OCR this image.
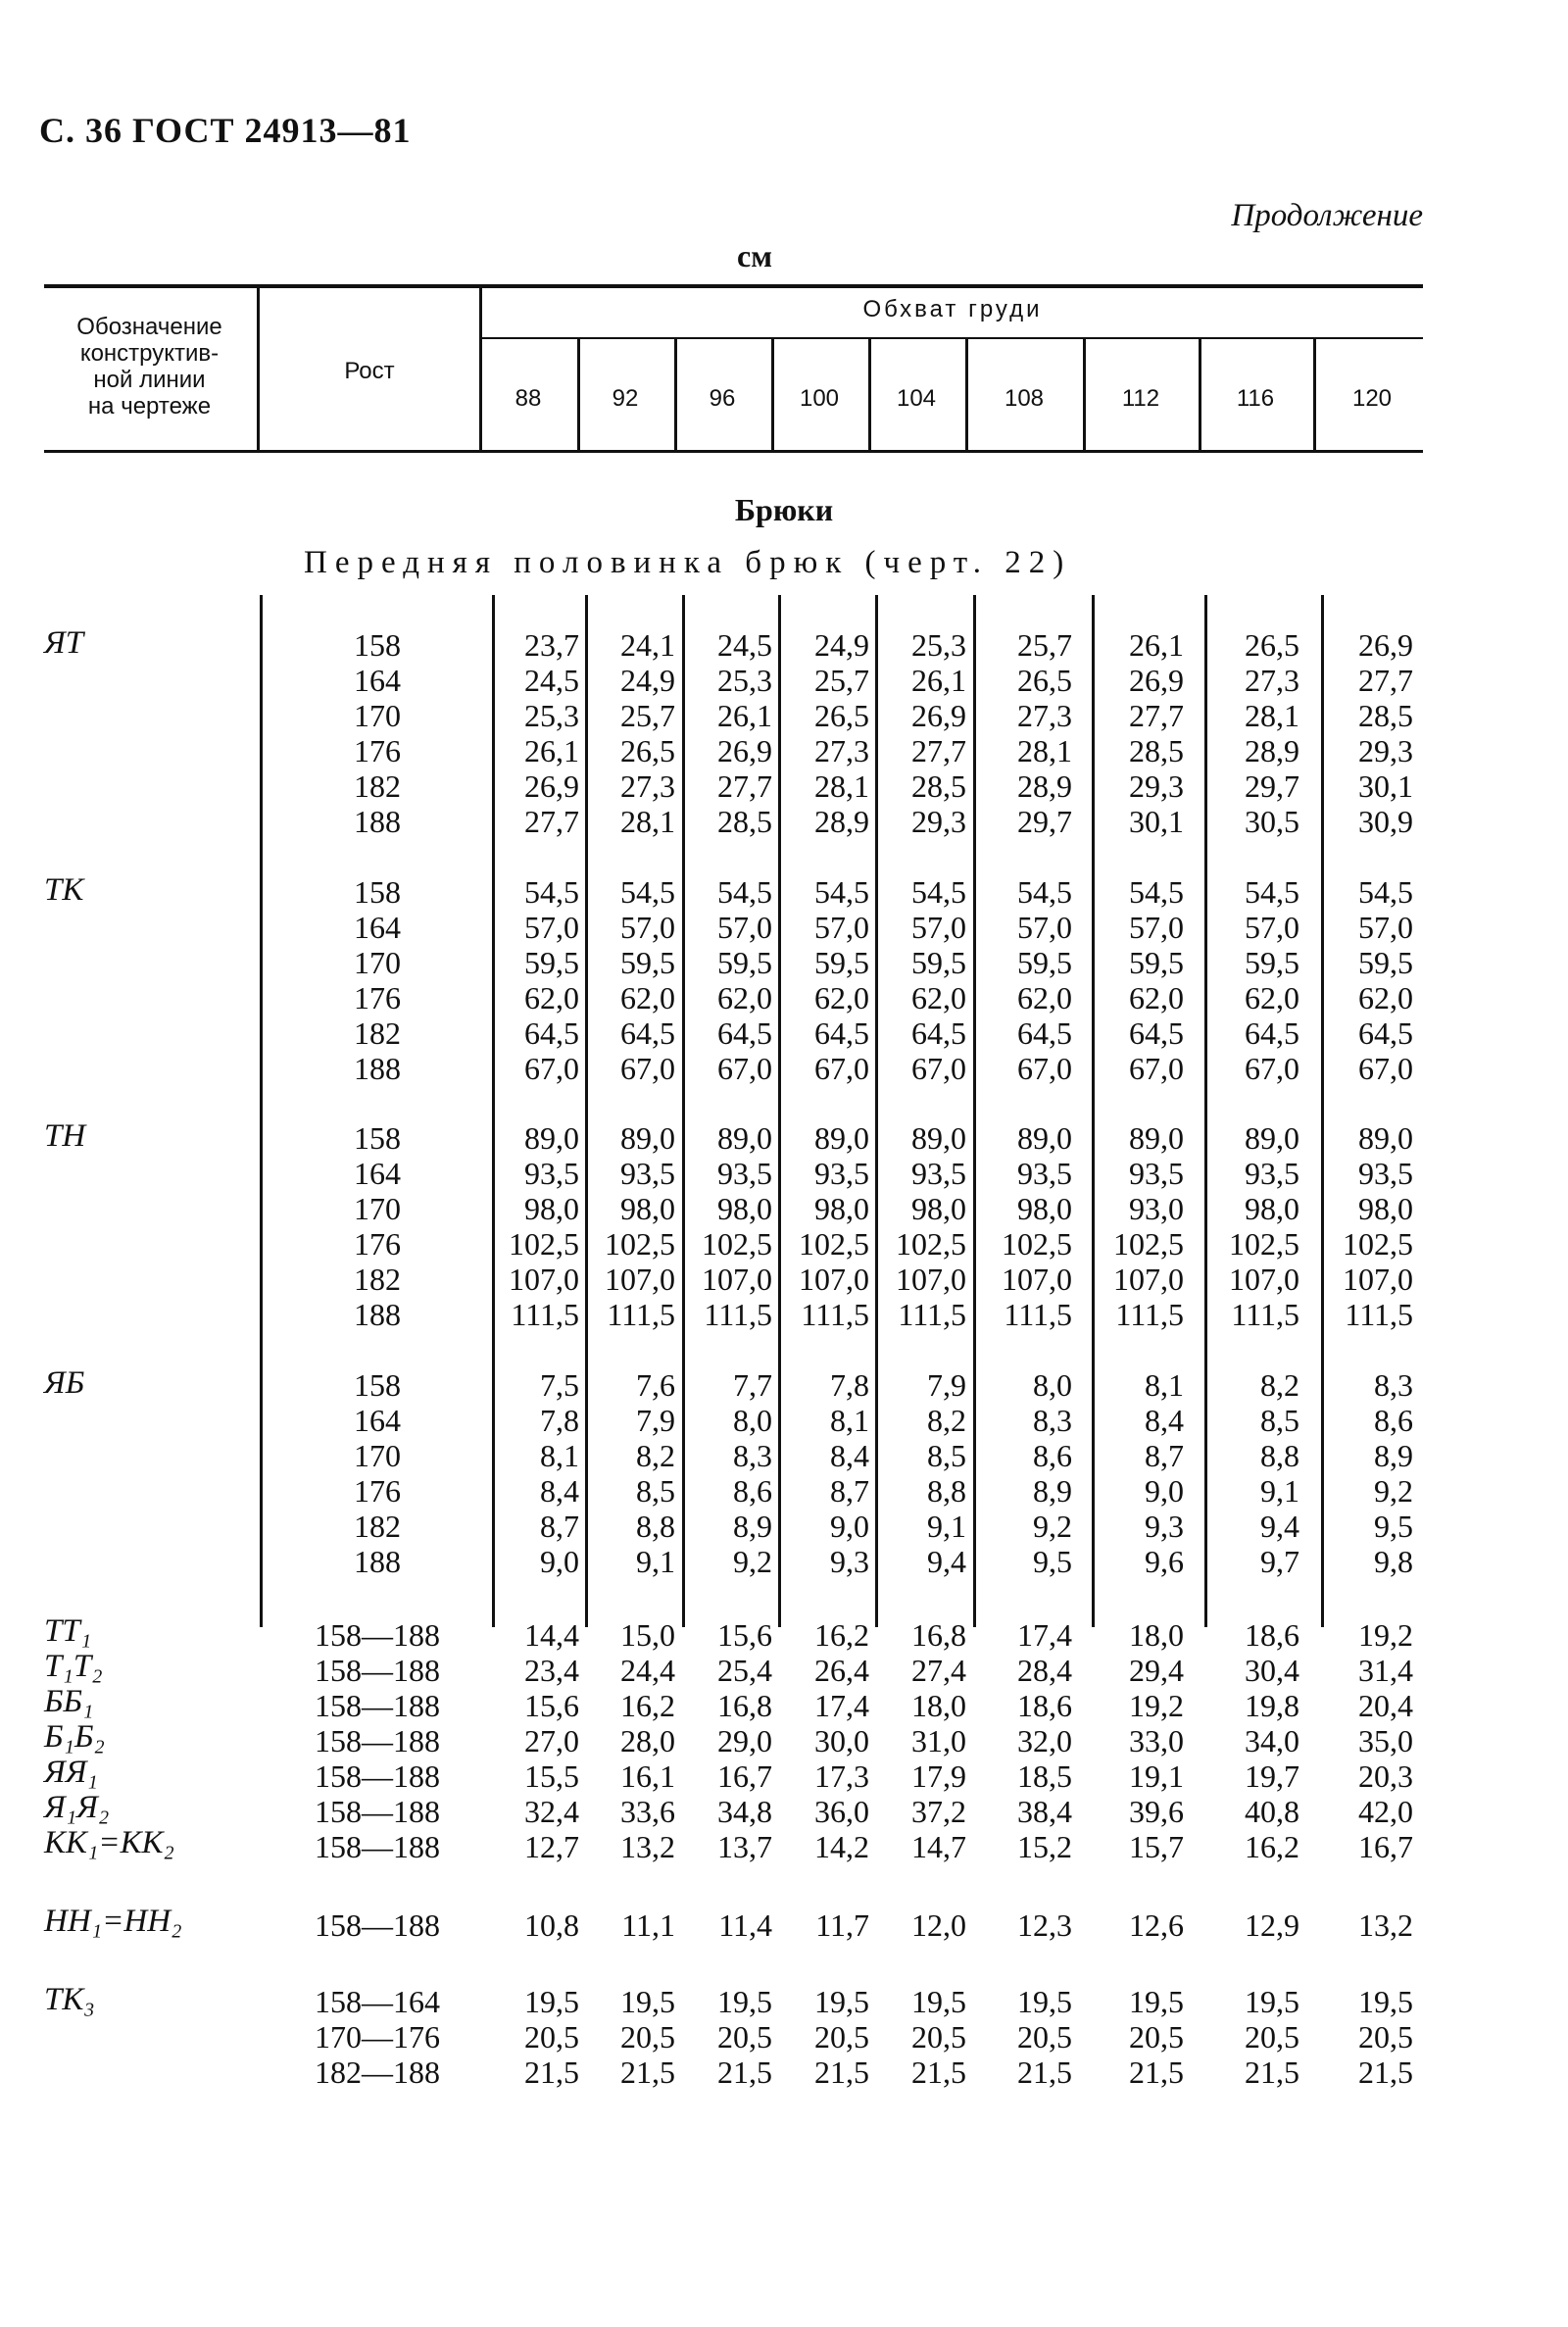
С. 36 ГОСТ 24913—81
Продолжение
см
Обозначение
конструктив-
ной линии
на чертеже
Рост
Обхват груди
88	92	96	100	104	108	112	116	120
Брюки
Передняя половинка брюк (черт. 22)
ЯТ	158	23,7	24,1	24,5	24,9	25,3	25,7	26,1	26,5	26,9
164	24,5	24,9	25,3	25,7	26,1	26,5	26,9	27,3	27,7
170	25,3	25,7	26,1	26,5	26,9	27,3	27,7	28,1	28,5
176	26,1	26,5	26,9	27,3	27,7	28,1	28,5	28,9	29,3
182	26,9	27,3	27,7	28,1	28,5	28,9	29,3	29,7	30,1
188	27,7	28,1	28,5	28,9	29,3	29,7	30,1	30,5	30,9
ТК	158	54,5	54,5	54,5	54,5	54,5	54,5	54,5	54,5	54,5
164	57,0	57,0	57,0	57,0	57,0	57,0	57,0	57,0	57,0
170	59,5	59,5	59,5	59,5	59,5	59,5	59,5	59,5	59,5
176	62,0	62,0	62,0	62,0	62,0	62,0	62,0	62,0	62,0
182	64,5	64,5	64,5	64,5	64,5	64,5	64,5	64,5	64,5
188	67,0	67,0	67,0	67,0	67,0	67,0	67,0	67,0	67,0
ТН	158	89,0	89,0	89,0	89,0	89,0	89,0	89,0	89,0	89,0
164	93,5	93,5	93,5	93,5	93,5	93,5	93,5	93,5	93,5
170	98,0	98,0	98,0	98,0	98,0	98,0	93,0	98,0	98,0
176	102,5 102,5 102,5 102,5 102,5	102,5	102,5	102,5	102,5
182	107,0 107,0 107,0 107,0 107,0	107,0	107,0	107,0	107,0
188	111,5 111,5 111,5 111,5 111,5	111,5	111,5	111,5	111,5
ЯБ	158	7,5	7,6	7,7	7,8	7,9	8,0	8,1	8,2	8,3
164	7,8	7,9	8,0	8,1	8,2	8,3	8,4	8,5	8,6
170	8,1	8,2	8,3	8,4	8,5	8,6	8,7	8,8	8,9
176	8,4	8,5	8,6	8,7	8,8	8,9	9,0	9,1	9,2
182	8,7	8,8	8,9	9,0	9,1	9,2	9,3	9,4	9,5
188	9,0	9,1	9,2	9,3	9,4	9,5	9,6	9,7	9,8
ТТ₁	158—188	14,4	15,0	15,6	16,2	16,8	17,4	18,0	18,6	19,2
Т₁Т₂	158—188	23,4	24,4	25,4	26,4	27,4	28,4	29,4	30,4	31,4
ББ₁	158—188	15,6	16,2	16,8	17,4	18,0	18,6	19,2	19,8	20,4
Б₁Б₂	158—188	27,0	28,0	29,0	30,0	31,0	32,0	33,0	34,0	35,0
ЯЯ₁	158—188	15,5	16,1	16,7	17,3	17,9	18,5	19,1	19,7	20,3
Я₁Я₂	158—188	32,4	33,6	34,8	36,0	37,2	38,4	39,6	40,8	42,0
КК₁=КК₂	158—188	12,7	13,2	13,7	14,2	14,7	15,2	15,7	16,2	16,7
НН₁=НН₂	158—188	10,8	11,1	11,4	11,7	12,0	12,3	12,6	12,9	13,2
ТК₃	158—164	19,5	19,5	19,5	19,5	19,5	19,5	19,5	19,5	19,5
170—176	20,5	20,5	20,5	20,5	20,5	20,5	20,5	20,5	20,5
182—188	21,5	21,5	21,5	21,5	21,5	21,5	21,5	21,5	21,5
